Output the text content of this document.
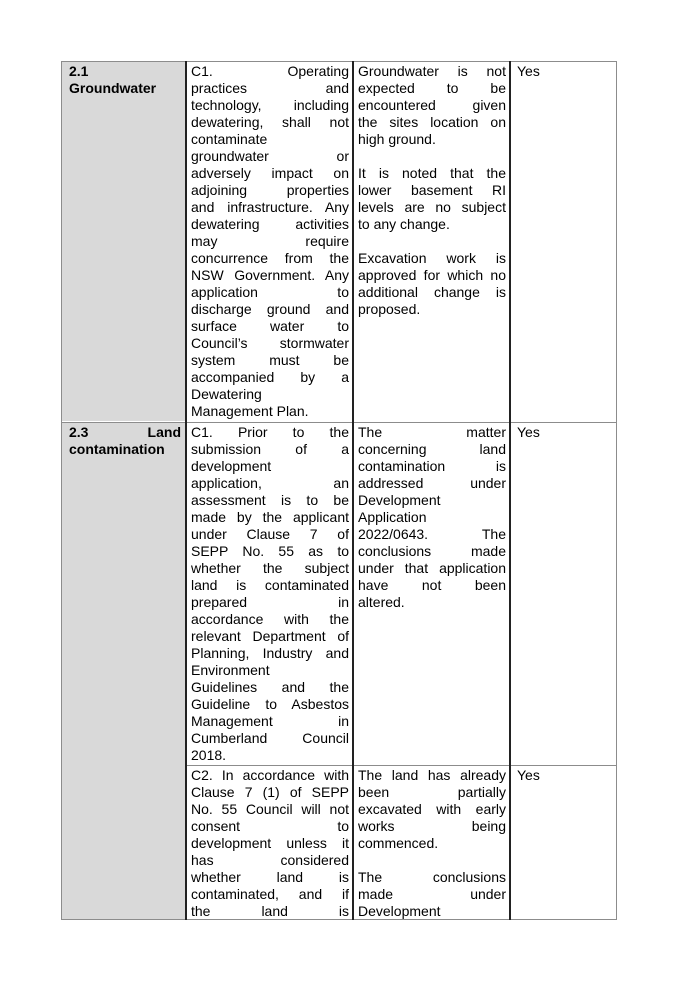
2.1
Groundwater
C1. Operating
practices and
technology, including
dewatering, shall not
contaminate
groundwater or
adversely impact on
adjoining properties
and infrastructure. Any
dewatering activities
may require
concurrence from the
NSW Government. Any
application to
discharge ground and
surface water to
Council’s stormwater
system must be
accompanied by a
Dewatering
Management Plan.
Groundwater is not
expected to be
encountered given
the sites location on
high ground.
It is noted that the
lower basement RI
levels are no subject
to any change.
Excavation work is
approved for which no
additional change is
proposed.
Yes
2.3 Land
contamination
C1. Prior to the
submission of a
development
application, an
assessment is to be
made by the applicant
under Clause 7 of
SEPP No. 55 as to
whether the subject
land is contaminated
prepared in
accordance with the
relevant Department of
Planning, Industry and
Environment
Guidelines and the
Guideline to Asbestos
Management in
Cumberland Council
2018.
The matter
concerning land
contamination is
addressed under
Development
Application
2022/0643. The
conclusions made
under that application
have not been
altered.
Yes
C2. In accordance with
Clause 7 (1) of SEPP
No. 55 Council will not
consent to
development unless it
has considered
whether land is
contaminated, and if
the land is
The land has already
been partially
excavated with early
works being
commenced.
The conclusions
made under
Development
Yes
